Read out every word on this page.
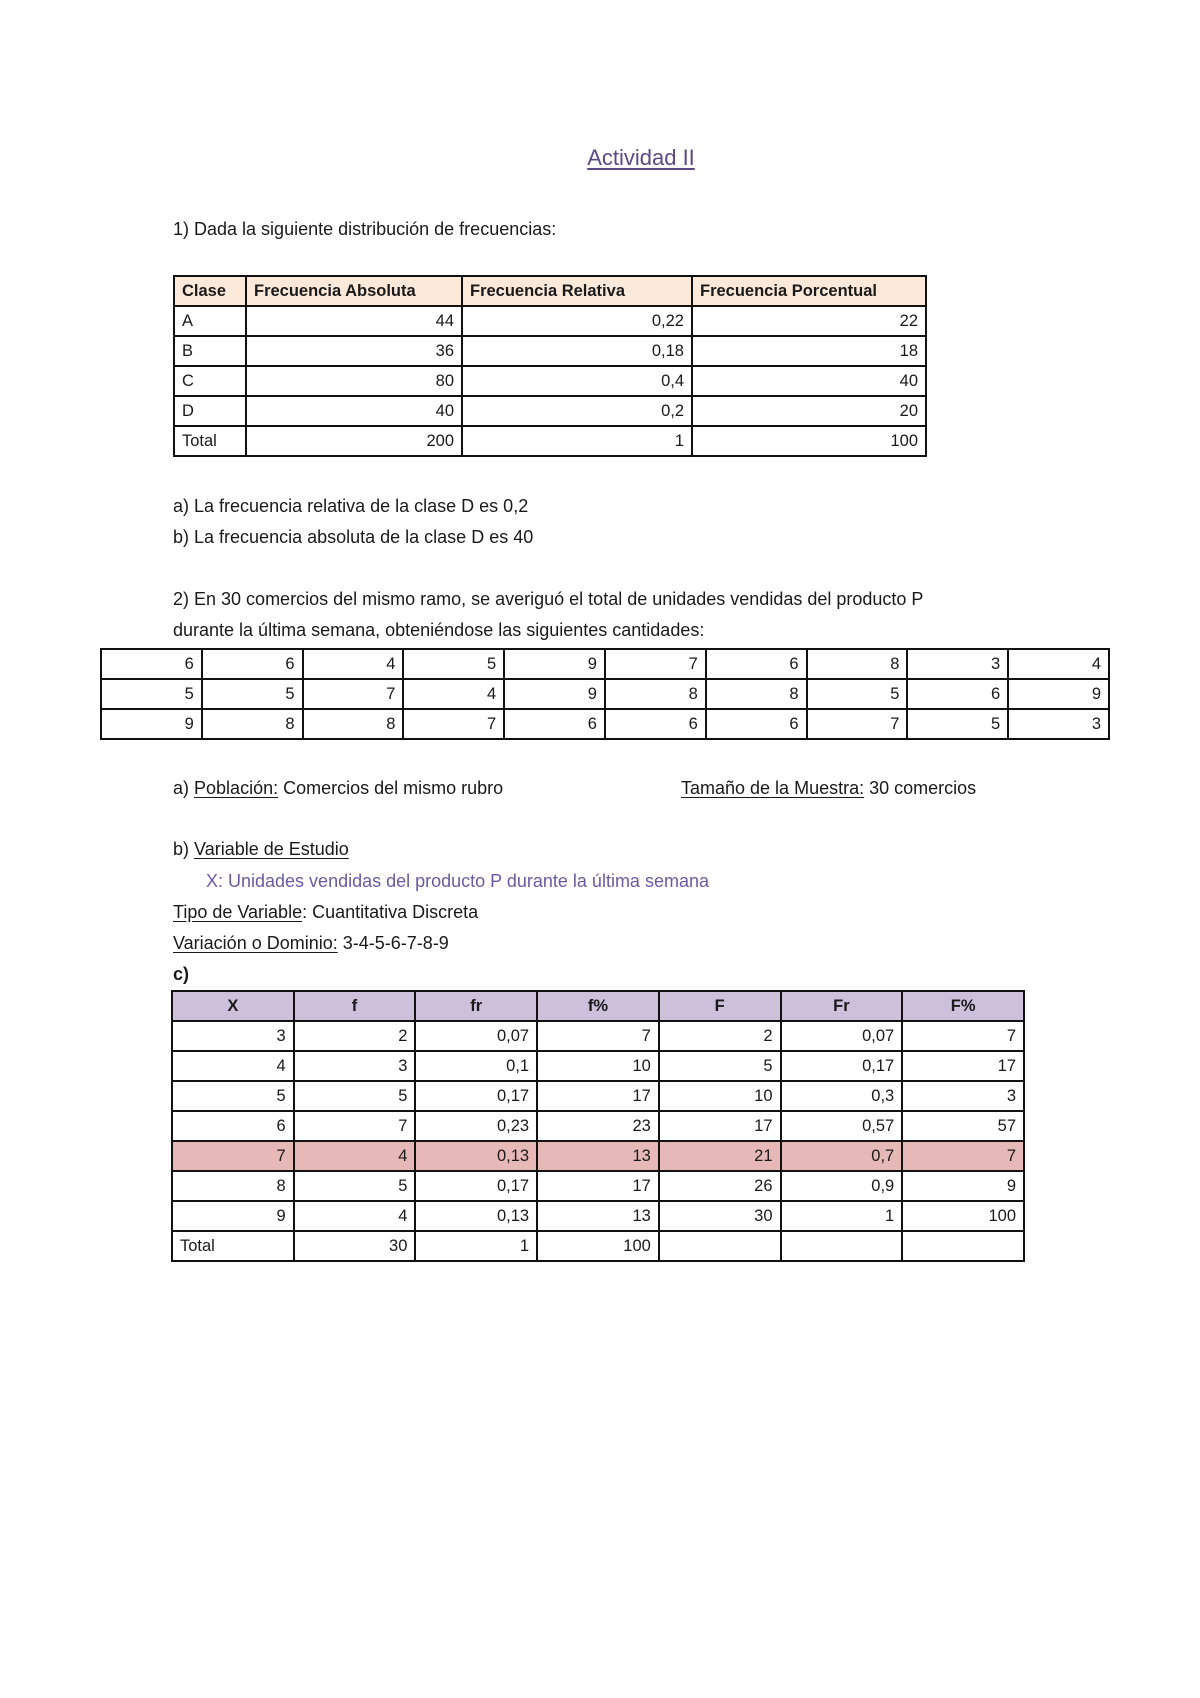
Actividad II
1) Dada la siguiente distribución de frecuencias:
Clase	Frecuencia Absoluta	Frecuencia Relativa	Frecuencia Porcentual
A	44	0,22	22
B	36	0,18	18
C	80	0,4	40
D	40	0,2	20
Total	200	1	100
a) La frecuencia relativa de la clase D es 0,2
b) La frecuencia absoluta de la clase D es 40
2) En 30 comercios del mismo ramo, se averiguó el total de unidades vendidas del producto P
durante la última semana, obteniéndose las siguientes cantidades:
6	6	4	5	9	7	6	8	3	4
5	5	7	4	9	8	8	5	6	9
9	8	8	7	6	6	6	7	5	3
a) Población: Comercios del mismo rubro	Tamaño de la Muestra: 30 comercios
b) Variable de Estudio
X: Unidades vendidas del producto P durante la última semana
Tipo de Variable: Cuantitativa Discreta
Variación o Dominio: 3-4-5-6-7-8-9
c)
X	f	fr	f%	F	Fr	F%
3	2	0,07	7	2	0,07	7
4	3	0,1	10	5	0,17	17
5	5	0,17	17	10	0,3	3
6	7	0,23	23	17	0,57	57
7	4	0,13	13	21	0,7	7
8	5	0,17	17	26	0,9	9
9	4	0,13	13	30	1	100
Total	30	1	100			
